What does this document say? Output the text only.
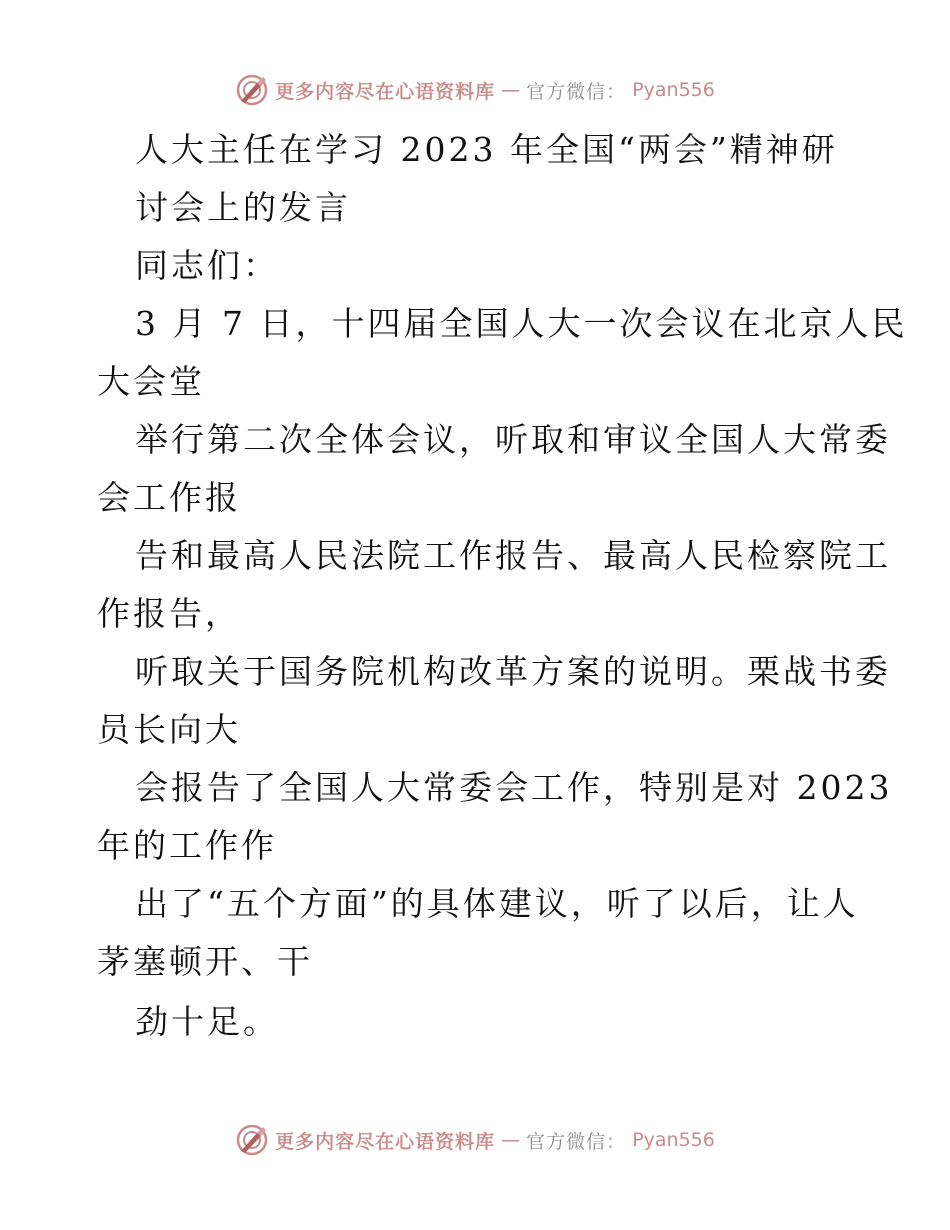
更多内容尽在心语资料库 — 官方微信： Pyan556
人大主任在学习 2023 年全国“两会”精神研
讨会上的发言
同志们：
3 月 7 日，十四届全国人大一次会议在北京人民
大会堂
举行第二次全体会议，听取和审议全国人大常委
会工作报
告和最高人民法院工作报告、最高人民检察院工
作报告，
听取关于国务院机构改革方案的说明。栗战书委
员长向大
会报告了全国人大常委会工作，特别是对 2023
年的工作作
出了“五个方面”的具体建议，听了以后，让人
茅塞顿开、干
劲十足。
更多内容尽在心语资料库 — 官方微信： Pyan556
